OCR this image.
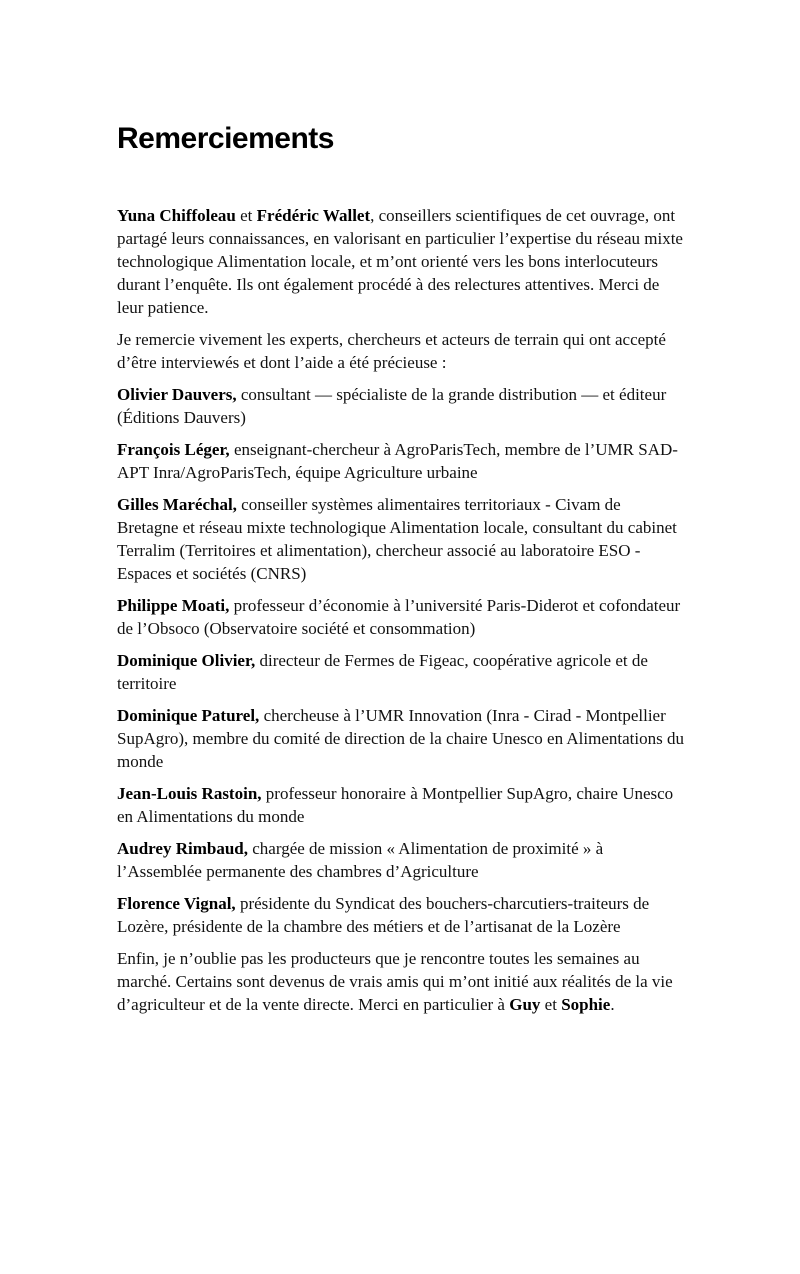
Remerciements

Yuna Chiffoleau et Frédéric Wallet, conseillers scientifiques de cet ouvrage, ont partagé leurs connaissances, en valorisant en particulier l’expertise du réseau mixte technologique Alimentation locale, et m’ont orienté vers les bons interlocuteurs durant l’enquête. Ils ont également procédé à des relectures attentives. Merci de leur patience.

Je remercie vivement les experts, chercheurs et acteurs de terrain qui ont accepté d’être interviewés et dont l’aide a été précieuse :

Olivier Dauvers, consultant — spécialiste de la grande distribution — et éditeur (Éditions Dauvers)

François Léger, enseignant-chercheur à AgroParisTech, membre de l’UMR SAD-APT Inra/AgroParisTech, équipe Agriculture urbaine

Gilles Maréchal, conseiller systèmes alimentaires territoriaux - Civam de Bretagne et réseau mixte technologique Alimentation locale, consultant du cabinet Terralim (Territoires et alimentation), chercheur associé au laboratoire ESO - Espaces et sociétés (CNRS)

Philippe Moati, professeur d’économie à l’université Paris-Diderot et cofondateur de l’Obsoco (Observatoire société et consommation)

Dominique Olivier, directeur de Fermes de Figeac, coopérative agricole et de territoire

Dominique Paturel, chercheuse à l’UMR Innovation (Inra - Cirad - Montpellier SupAgro), membre du comité de direction de la chaire Unesco en Alimentations du monde

Jean-Louis Rastoin, professeur honoraire à Montpellier SupAgro, chaire Unesco en Alimentations du monde

Audrey Rimbaud, chargée de mission « Alimentation de proximité » à l’Assemblée permanente des chambres d’Agriculture

Florence Vignal, présidente du Syndicat des bouchers-charcutiers-traiteurs de Lozère, présidente de la chambre des métiers et de l’artisanat de la Lozère

Enfin, je n’oublie pas les producteurs que je rencontre toutes les semaines au marché. Certains sont devenus de vrais amis qui m’ont initié aux réalités de la vie d’agriculteur et de la vente directe. Merci en particulier à Guy et Sophie.
